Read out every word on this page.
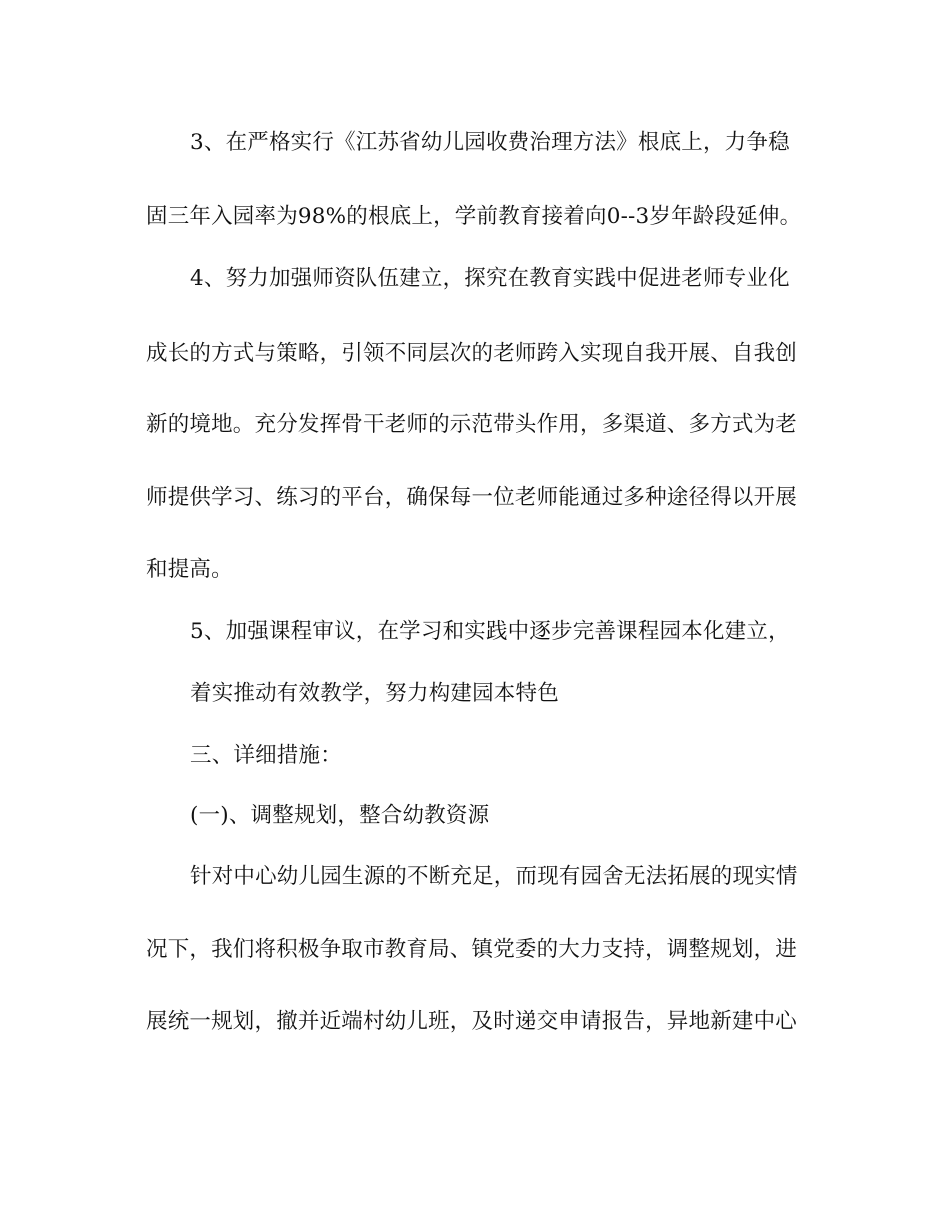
3、在严格实行《江苏省幼儿园收费治理方法》根底上，力争稳
固三年入园率为98%的根底上，学前教育接着向0--3岁年龄段延伸。
4、努力加强师资队伍建立，探究在教育实践中促进老师专业化
成长的方式与策略，引领不同层次的老师跨入实现自我开展、自我创
新的境地。充分发挥骨干老师的示范带头作用，多渠道、多方式为老
师提供学习、练习的平台，确保每一位老师能通过多种途径得以开展
和提高。
5、加强课程审议，在学习和实践中逐步完善课程园本化建立，
着实推动有效教学，努力构建园本特色
三、详细措施：
(一)、调整规划，整合幼教资源
针对中心幼儿园生源的不断充足，而现有园舍无法拓展的现实情
况下，我们将积极争取市教育局、镇党委的大力支持，调整规划，进
展统一规划，撤并近端村幼儿班，及时递交申请报告，异地新建中心
